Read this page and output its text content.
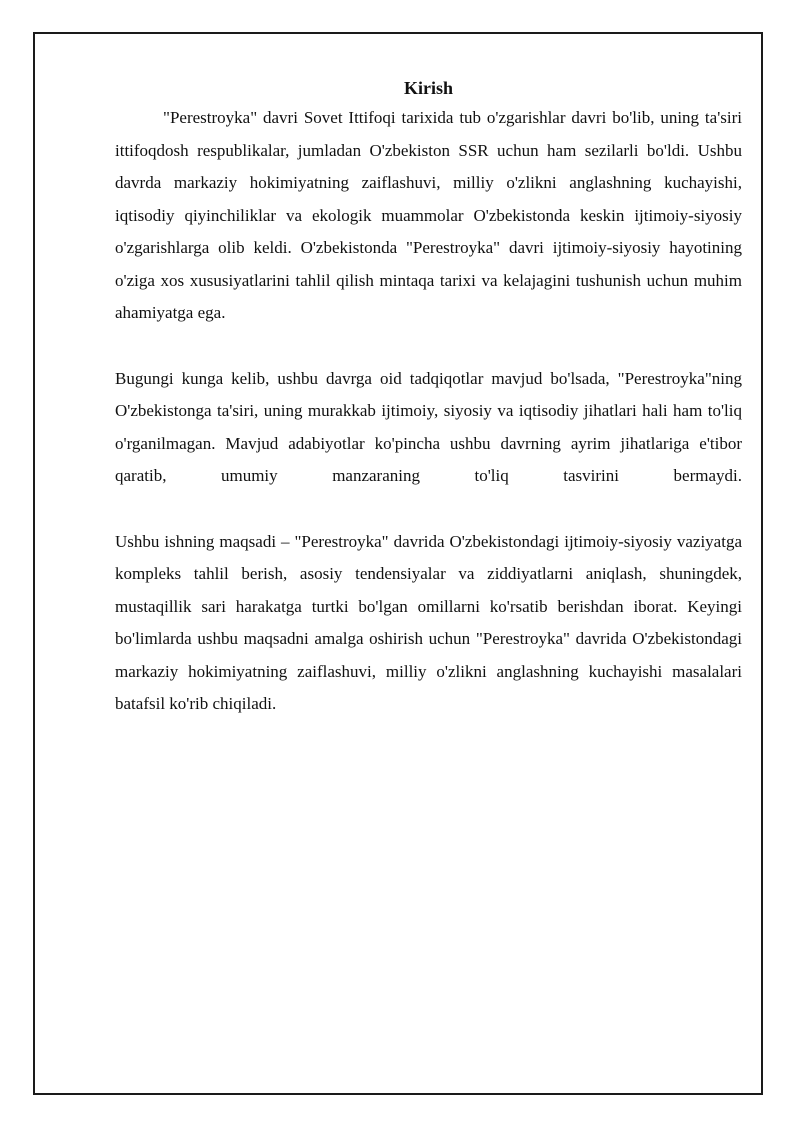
Kirish

"Perestroyka" davri Sovet Ittifoqi tarixida tub o'zgarishlar davri bo'lib, uning ta'siri ittifoqdosh respublikalar, jumladan O'zbekiston SSR uchun ham sezilarli bo'ldi. Ushbu davrda markaziy hokimiyatning zaiflashuvi, milliy o'zlikni anglashning kuchayishi, iqtisodiy qiyinchiliklar va ekologik muammolar O'zbekistonda keskin ijtimoiy-siyosiy o'zgarishlarga olib keldi. O'zbekistonda "Perestroyka" davri ijtimoiy-siyosiy hayotining o'ziga xos xususiyatlarini tahlil qilish mintaqa tarixi va kelajagini tushunish uchun muhim ahamiyatga ega.

Bugungi kunga kelib, ushbu davrga oid tadqiqotlar mavjud bo'lsada, "Perestroyka"ning O'zbekistonga ta'siri, uning murakkab ijtimoiy, siyosiy va iqtisodiy jihatlari hali ham to'liq o'rganilmagan. Mavjud adabiyotlar ko'pincha ushbu davrning ayrim jihatlariga e'tibor qaratib, umumiy manzaraning to'liq tasvirini bermaydi.

Ushbu ishning maqsadi – "Perestroyka" davrida O'zbekistondagi ijtimoiy-siyosiy vaziyatga kompleks tahlil berish, asosiy tendensiyalar va ziddiyatlarni aniqlash, shuningdek, mustaqillik sari harakatga turtki bo'lgan omillarni ko'rsatib berishdan iborat. Keyingi bo'limlarda ushbu maqsadni amalga oshirish uchun "Perestroyka" davrida O'zbekistondagi markaziy hokimiyatning zaiflashuvi, milliy o'zlikni anglashning kuchayishi masalalari batafsil ko'rib chiqiladi.
